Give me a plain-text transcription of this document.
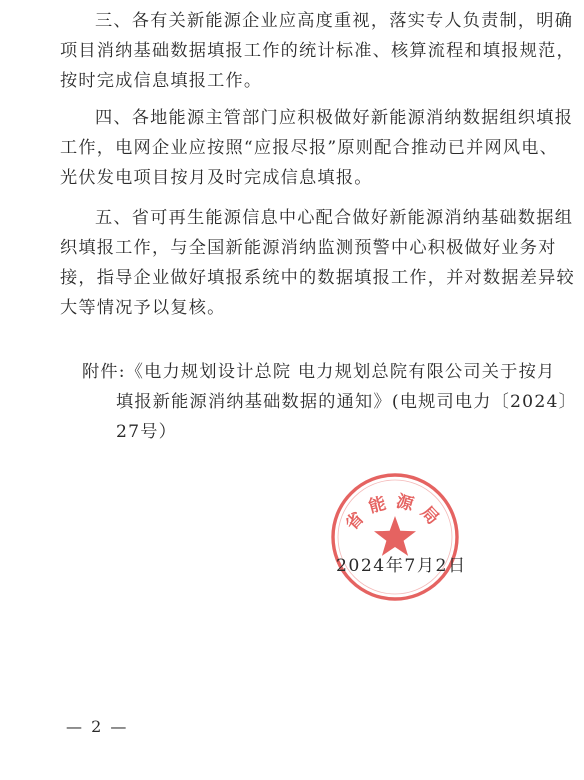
三、各有关新能源企业应高度重视，落实专人负责制，明确
项目消纳基础数据填报工作的统计标准、核算流程和填报规范，
按时完成信息填报工作。

四、各地能源主管部门应积极做好新能源消纳数据组织填报
工作，电网企业应按照“应报尽报”原则配合推动已并网风电、
光伏发电项目按月及时完成信息填报。

五、省可再生能源信息中心配合做好新能源消纳基础数据组
织填报工作，与全国新能源消纳监测预警中心积极做好业务对
接，指导企业做好填报系统中的数据填报工作，并对数据差异较
大等情况予以复核。

附件:《电力规划设计总院 电力规划总院有限公司关于按月
填报新能源消纳基础数据的通知》(电规司电力〔2024〕
27号）
省能源局
2024年7月2日
— 2 —
